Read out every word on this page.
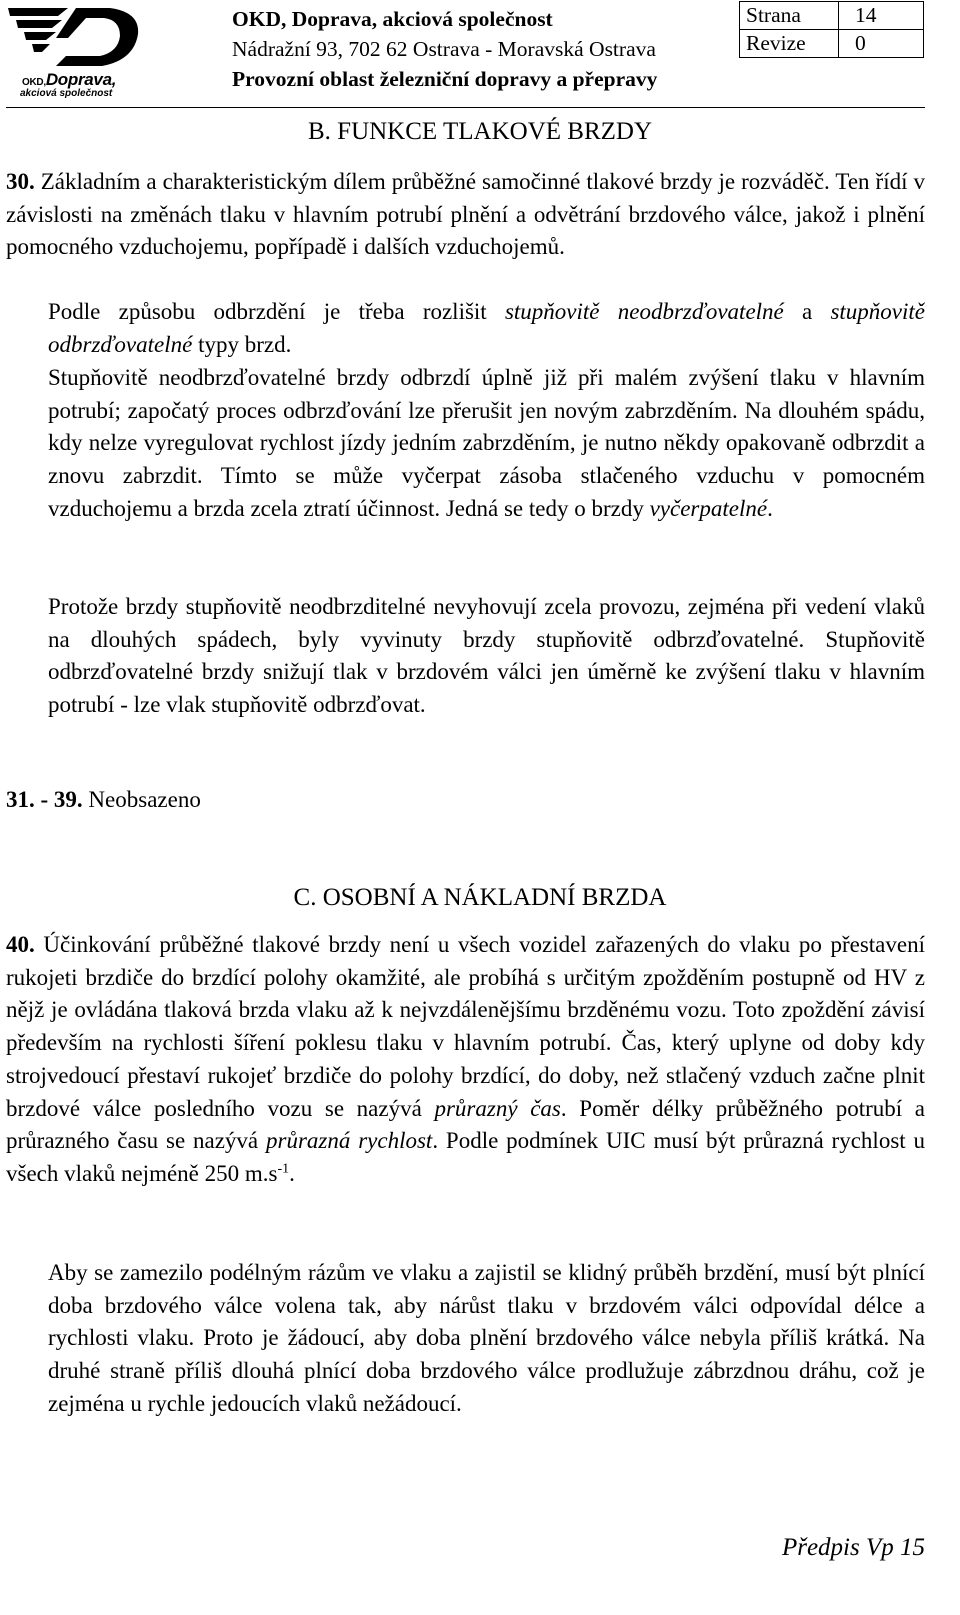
OKD,Doprava,
akciová společnost
OKD, Doprava, akciová společnost
Nádražní 93, 702 62 Ostrava - Moravská Ostrava
Provozní oblast železniční dopravy a přepravy
Strana	14
Revize	0
B. FUNKCE TLAKOVÉ BRZDY
30. Základním a charakteristickým dílem průběžné samočinné tlakové brzdy je rozváděč. Ten řídí v závislosti na změnách tlaku v hlavním potrubí plnění a odvětrání brzdového válce, jakož i plnění pomocného vzduchojemu, popřípadě i dalších vzduchojemů.
Podle způsobu odbrzdění je třeba rozlišit stupňovitě neodbrzďovatelné a stupňovitě odbrzďovatelné typy brzd.
Stupňovitě neodbrzďovatelné brzdy odbrzdí úplně již při malém zvýšení tlaku v hlavním potrubí; započatý proces odbrzďování lze přerušit jen novým zabrzděním. Na dlouhém spádu, kdy nelze vyregulovat rychlost jízdy jedním zabrzděním, je nutno někdy opakovaně odbrzdit a znovu zabrzdit. Tímto se může vyčerpat zásoba stlačeného vzduchu v pomocném vzduchojemu a brzda zcela ztratí účinnost. Jedná se tedy o brzdy vyčerpatelné.
Protože brzdy stupňovitě neodbrzditelné nevyhovují zcela provozu, zejména při vedení vlaků na dlouhých spádech, byly vyvinuty brzdy stupňovitě odbrzďovatelné. Stupňovitě odbrzďovatelné brzdy snižují tlak v brzdovém válci jen úměrně ke zvýšení tlaku v hlavním potrubí - lze vlak stupňovitě odbrzďovat.
31. - 39. Neobsazeno
C. OSOBNÍ A NÁKLADNÍ BRZDA
40. Účinkování průběžné tlakové brzdy není u všech vozidel zařazených do vlaku po přestavení rukojeti brzdiče do brzdící polohy okamžité, ale probíhá s určitým zpožděním postupně od HV z nějž je ovládána tlaková brzda vlaku až k nejvzdálenějšímu brzděnému vozu. Toto zpoždění závisí především na rychlosti šíření poklesu tlaku v hlavním potrubí. Čas, který uplyne od doby kdy strojvedoucí přestaví rukojeť brzdiče do polohy brzdící, do doby, než stlačený vzduch začne plnit brzdové válce posledního vozu se nazývá průrazný čas. Poměr délky průběžného potrubí a průrazného času se nazývá průrazná rychlost. Podle podmínek UIC musí být průrazná rychlost u všech vlaků nejméně 250 $m.s^{-1}$.
Aby se zamezilo podélným rázům ve vlaku a zajistil se klidný průběh brzdění, musí být plnící doba brzdového válce volena tak, aby nárůst tlaku v brzdovém válci odpovídal délce a rychlosti vlaku. Proto je žádoucí, aby doba plnění brzdového válce nebyla příliš krátká. Na druhé straně příliš dlouhá plnící doba brzdového válce prodlužuje zábrzdnou dráhu, což je zejména u rychle jedoucích vlaků nežádoucí.
Předpis Vp 15
